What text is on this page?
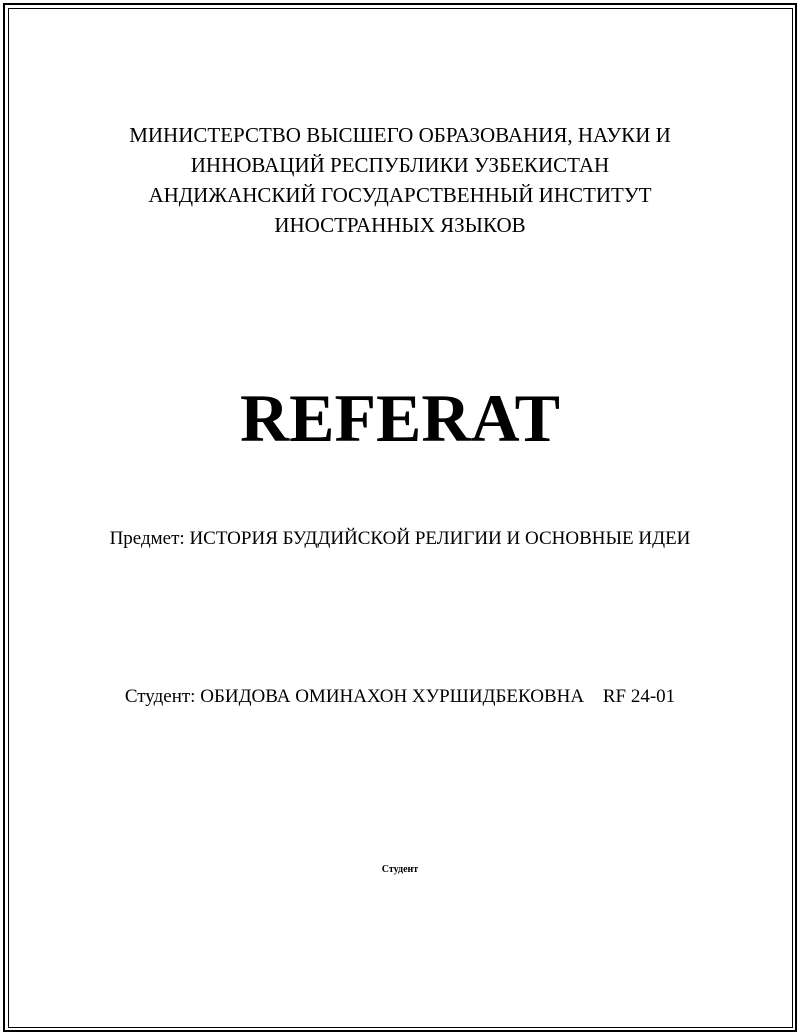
МИНИСТЕРСТВО ВЫСШЕГО ОБРАЗОВАНИЯ, НАУКИ И
ИННОВАЦИЙ РЕСПУБЛИКИ УЗБЕКИСТАН
АНДИЖАНСКИЙ ГОСУДАРСТВЕННЫЙ ИНСТИТУТ
ИНОСТРАННЫХ ЯЗЫКОВ
REFERAT
Предмет: ИСТОРИЯ БУДДИЙСКОЙ РЕЛИГИИ И ОСНОВНЫЕ ИДЕИ
Студент: ОБИДОВА ОМИНАХОН ХУРШИДБЕКОВНА RF 24-01
Студент
